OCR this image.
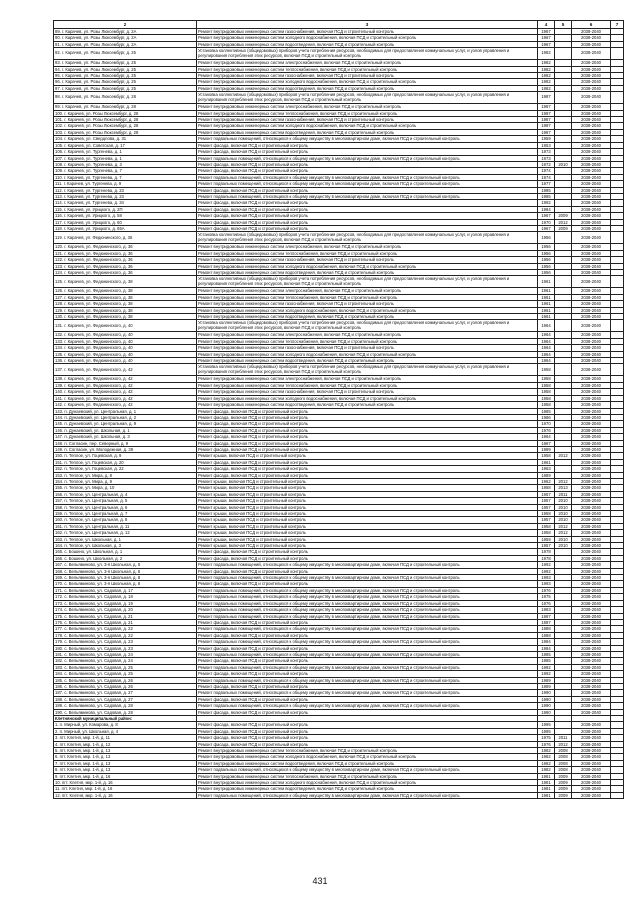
2	3	4	5	6	7
89. г. Карачев, ул. Розы Люксембург, д. 2А	Ремонт внутридомовых инженерных систем газоснабжения, включая ПСД и строительный контроль	1967		2038-2040	
90. г. Карачев, ул. Розы Люксембург, д. 2А	Ремонт внутридомовых инженерных систем холодного водоснабжения, включая ПСД и строительный контроль	1967		2038-2040	
91. г. Карачев, ул. Розы Люксембург, д. 2А	Ремонт внутридомовых инженерных систем водоотведения, включая ПСД и строительный контроль	1967		2038-2040	
92. г. Карачев, ул. Розы Люксембург, д. 25	Установка коллективных (общедомовых) приборов учета потребления ресурсов, необходимых для предоставления коммунальных услуг, и узлов управления и регулирования потребления этих ресурсов, включая ПСД и строительный контроль	1982		2038-2040	
93. г. Карачев, ул. Розы Люксембург, д. 25	Ремонт внутридомовых инженерных систем электроснабжения, включая ПСД и строительный контроль	1982		2038-2040	
94. г. Карачев, ул. Розы Люксембург, д. 25	Ремонт внутридомовых инженерных систем теплоснабжения, включая ПСД и строительный контроль	1982		2038-2040	
95. г. Карачев, ул. Розы Люксембург, д. 25	Ремонт внутридомовых инженерных систем газоснабжения, включая ПСД и строительный контроль	1982		2038-2040	
96. г. Карачев, ул. Розы Люксембург, д. 25	Ремонт внутридомовых инженерных систем холодного водоснабжения, включая ПСД и строительный контроль	1982		2038-2040	
97. г. Карачев, ул. Розы Люксембург, д. 25	Ремонт внутридомовых инженерных систем водоотведения, включая ПСД и строительный контроль	1982		2038-2040	
98. г. Карачев, ул. Розы Люксембург, д. 28	Установка коллективных (общедомовых) приборов учета потребления ресурсов, необходимых для предоставления коммунальных услуг, и узлов управления и регулирования потребления этих ресурсов, включая ПСД и строительный контроль	1987		2038-2040	
99. г. Карачев, ул. Розы Люксембург, д. 28	Ремонт внутридомовых инженерных систем электроснабжения, включая ПСД и строительный контроль	1987		2038-2040	
100. г. Карачев, ул. Розы Люксембург, д. 28	Ремонт внутридомовых инженерных систем теплоснабжения, включая ПСД и строительный контроль	1987		2038-2040	
101. г. Карачев, ул. Розы Люксембург, д. 28	Ремонт внутридомовых инженерных систем газоснабжения, включая ПСД и строительный контроль	1987		2038-2040	
102. г. Карачев, ул. Розы Люксембург, д. 28	Ремонт внутридомовых инженерных систем холодного водоснабжения, включая ПСД и строительный контроль	1987		2038-2040	
103. г. Карачев, ул. Розы Люксембург, д. 28	Ремонт внутридомовых инженерных систем водоотведения, включая ПСД и строительный контроль	1987		2038-2040	
104. г. Карачев, ул. Свердлова, д. 31	Ремонт подвальных помещений, относящихся к общему имуществу в многоквартирном доме, включая ПСД и строительный контроль	1959		2038-2040	
105. г. Карачев, ул. Советская, д. 17	Ремонт фасада, включая ПСД и строительный контроль	1953		2038-2040	
106. г. Карачев, ул. Тургенева, д. 1	Ремонт фасада, включая ПСД и строительный контроль	1973		2038-2040	
107. г. Карачев, ул. Тургенева, д. 1	Ремонт подвальных помещений, относящихся к общему имуществу в многоквартирном доме, включая ПСД и строительный контроль	1973		2038-2040	
108. г. Карачев, ул. Тургенева, д. 3	Ремонт фасада, включая ПСД и строительный контроль	1972	2010	2038-2040	
109. г. Карачев, ул. Тургенева, д. 7	Ремонт фасада, включая ПСД и строительный контроль	1974		2038-2040	
110. г. Карачев, ул. Тургенева, д. 7	Ремонт подвальных помещений, относящихся к общему имуществу в многоквартирном доме, включая ПСД и строительный контроль	1974		2038-2040	
111. г. Карачев, ул. Тургенева, д. 9	Ремонт подвальных помещений, относящихся к общему имуществу в многоквартирном доме, включая ПСД и строительный контроль	1977		2038-2040	
112. г. Карачев, ул. Тургенева, д. 23	Ремонт фасада, включая ПСД и строительный контроль	1985		2038-2040	
113. г. Карачев, ул. Тургенева, д. 23	Ремонт подвальных помещений, относящихся к общему имуществу в многоквартирном доме, включая ПСД и строительный контроль	1985		2038-2040	
114. г. Карачев, ул. Тургенева, д. 34	Ремонт фасада, включая ПСД и строительный контроль	1992		2038-2040	
115. г. Карачев, ул. Урицкого, д. 2П	Ремонт фасада, включая ПСД и строительный контроль	1984		2038-2040	
116. г. Карачев, ул. Урицкого, д. 58	Ремонт фасада, включая ПСД и строительный контроль	1967	2009	2038-2040	
117. г. Карачев, ул. Урицкого, д. 60	Ремонт фасада, включая ПСД и строительный контроль	1970	2012	2038-2040	
118. г. Карачев, ул. Урицкого, д. 65А	Ремонт фасада, включая ПСД и строительный контроль	1967	2009	2038-2040	
119. г. Карачев, ул. Федюнинского, д. 36	Установка коллективных (общедомовых) приборов учета потребления ресурсов, необходимых для предоставления коммунальных услуг, и узлов управления и регулирования потребления этих ресурсов, включая ПСД и строительный контроль	1956		2038-2040	
120. г. Карачев, ул. Федюнинского, д. 36	Ремонт внутридомовых инженерных систем электроснабжения, включая ПСД и строительный контроль	1956		2038-2040	
121. г. Карачев, ул. Федюнинского, д. 36	Ремонт внутридомовых инженерных систем теплоснабжения, включая ПСД и строительный контроль	1956		2038-2040	
122. г. Карачев, ул. Федюнинского, д. 36	Ремонт внутридомовых инженерных систем газоснабжения, включая ПСД и строительный контроль	1956		2038-2040	
123. г. Карачев, ул. Федюнинского, д. 36	Ремонт внутридомовых инженерных систем холодного водоснабжения, включая ПСД и строительный контроль	1956		2038-2040	
124. г. Карачев, ул. Федюнинского, д. 36	Ремонт внутридомовых инженерных систем водоотведения, включая ПСД и строительный контроль	1956		2038-2040	
125. г. Карачев, ул. Федюнинского, д. 38	Установка коллективных (общедомовых) приборов учета потребления ресурсов, необходимых для предоставления коммунальных услуг, и узлов управления и регулирования потребления этих ресурсов, включая ПСД и строительный контроль	1961		2038-2040	
126. г. Карачев, ул. Федюнинского, д. 38	Ремонт внутридомовых инженерных систем электроснабжения, включая ПСД и строительный контроль	1961		2038-2040	
127. г. Карачев, ул. Федюнинского, д. 38	Ремонт внутридомовых инженерных систем теплоснабжения, включая ПСД и строительный контроль	1961		2038-2040	
128. г. Карачев, ул. Федюнинского, д. 38	Ремонт внутридомовых инженерных систем газоснабжения, включая ПСД и строительный контроль	1961		2038-2040	
129. г. Карачев, ул. Федюнинского, д. 38	Ремонт внутридомовых инженерных систем холодного водоснабжения, включая ПСД и строительный контроль	1961		2038-2040	
130. г. Карачев, ул. Федюнинского, д. 38	Ремонт внутридомовых инженерных систем водоотведения, включая ПСД и строительный контроль	1961		2038-2040	
131. г. Карачев, ул. Федюнинского, д. 40	Установка коллективных (общедомовых) приборов учета потребления ресурсов, необходимых для предоставления коммунальных услуг, и узлов управления и регулирования потребления этих ресурсов, включая ПСД и строительный контроль	1964		2038-2040	
132. г. Карачев, ул. Федюнинского, д. 40	Ремонт внутридомовых инженерных систем электроснабжения, включая ПСД и строительный контроль	1964		2038-2040	
133. г. Карачев, ул. Федюнинского, д. 40	Ремонт внутридомовых инженерных систем теплоснабжения, включая ПСД и строительный контроль	1964		2038-2040	
134. г. Карачев, ул. Федюнинского, д. 40	Ремонт внутридомовых инженерных систем газоснабжения, включая ПСД и строительный контроль	1964		2038-2040	
135. г. Карачев, ул. Федюнинского, д. 40	Ремонт внутридомовых инженерных систем холодного водоснабжения, включая ПСД и строительный контроль	1964		2038-2040	
136. г. Карачев, ул. Федюнинского, д. 40	Ремонт внутридомовых инженерных систем водоотведения, включая ПСД и строительный контроль	1964		2038-2040	
137. г. Карачев, ул. Федюнинского, д. 42	Установка коллективных (общедомовых) приборов учета потребления ресурсов, необходимых для предоставления коммунальных услуг, и узлов управления и регулирования потребления этих ресурсов, включая ПСД и строительный контроль	1958		2038-2040	
138. г. Карачев, ул. Федюнинского, д. 42	Ремонт внутридомовых инженерных систем электроснабжения, включая ПСД и строительный контроль	1958		2038-2040	
139. г. Карачев, ул. Федюнинского, д. 42	Ремонт внутридомовых инженерных систем теплоснабжения, включая ПСД и строительный контроль	1958		2038-2040	
140. г. Карачев, ул. Федюнинского, д. 42	Ремонт внутридомовых инженерных систем газоснабжения, включая ПСД и строительный контроль	1958		2038-2040	
141. г. Карачев, ул. Федюнинского, д. 42	Ремонт внутридомовых инженерных систем холодного водоснабжения, включая ПСД и строительный контроль	1958		2038-2040	
142. г. Карачев, ул. Федюнинского, д. 42	Ремонт внутридомовых инженерных систем водоотведения, включая ПСД и строительный контроль	1958		2038-2040	
143. п. Дунаевский, ул. Центральная, д. 1	Ремонт фасада, включая ПСД и строительный контроль	1985		2038-2040	
144. п. Дунаевский, ул. Центральная, д. 2	Ремонт фасада, включая ПСД и строительный контроль	1986		2038-2040	
145. п. Дунаевский, ул. Центральная, д. 9	Ремонт фасада, включая ПСД и строительный контроль	1970		2038-2040	
146. п. Дунаевский, ул. Школьная, д. 1	Ремонт фасада, включая ПСД и строительный контроль	1976		2038-2040	
147. п. Дунаевский, ул. Школьная, д. 3	Ремонт фасада, включая ПСД и строительный контроль	1964		2038-2040	
148. п. Согласие, пер. Северный, д. 9	Ремонт фасада, включая ПСД и строительный контроль	1967		2038-2040	
149. п. Согласие, ул. Молодежная, д. 39	Ремонт фасада, включая ПСД и строительный контроль	1989		2038-2040	
150. п. Теплое, ул. Гоцевская, д. 9	Ремонт крыши, включая ПСД и строительный контроль	1958	2012	2038-2040	
151. п. Теплое, ул. Гоцевская, д. 20	Ремонт фасада, включая ПСД и строительный контроль	1961		2038-2040	
152. п. Теплое, ул. Гоцевская, д. 22	Ремонт фасада, включая ПСД и строительный контроль	1963		2038-2040	
153. п. Теплое, ул. Мира, д. 8	Ремонт фасада, включая ПСД и строительный контроль	1989		2038-2040	
154. п. Теплое, ул. Мира, д. 9	Ремонт крыши, включая ПСД и строительный контроль	1962	2012	2038-2040	
155. п. Теплое, ул. Мира, д. 10	Ремонт крыши, включая ПСД и строительный контроль	1958	2013	2038-2040	
156. п. Теплое, ул. Центральная, д. 4	Ремонт крыши, включая ПСД и строительный контроль	1957	2011	2038-2040	
157. п. Теплое, ул. Центральная, д. 5	Ремонт крыши, включая ПСД и строительный контроль	1957	2010	2038-2040	
158. п. Теплое, ул. Центральная, д. 6	Ремонт крыши, включая ПСД и строительный контроль	1957	2010	2038-2040	
159. п. Теплое, ул. Центральная, д. 7	Ремонт крыши, включая ПСД и строительный контроль	1958	2010	2038-2040	
160. п. Теплое, ул. Центральная, д. 8	Ремонт крыши, включая ПСД и строительный контроль	1957	2010	2038-2040	
161. п. Теплое, ул. Центральная, д. 11	Ремонт крыши, включая ПСД и строительный контроль	1958	2012	2038-2040	
162. п. Теплое, ул. Центральная, д. 12	Ремонт крыши, включая ПСД и строительный контроль	1958	2012	2038-2040	
163. п. Теплое, ул. Школьная, д. 1	Ремонт крыши, включая ПСД и строительный контроль	1959	2010	2038-2040	
164. п. Теплое, ул. Школьная, д. 3	Ремонт крыши, включая ПСД и строительный контроль	1957	2010	2038-2040	
165. с. Бошино, ул. Школьная, д. 1	Ремонт фасада, включая ПСД и строительный контроль	1978		2038-2040	
166. с. Бошино, ул. Школьная, д. 2	Ремонт фасада, включая ПСД и строительный контроль	1978		2038-2040	
167. с. Вельяминово, ул. 3-я Школьная, д. 6	Ремонт подвальных помещений, относящихся к общему имуществу в многоквартирном доме, включая ПСД и строительный контроль	1992		2038-2040	
168. с. Вельяминово, ул. 3-я Школьная, д. 6	Ремонт фасада, включая ПСД и строительный контроль	1992		2038-2040	
169. с. Вельяминово, ул. 3-я Школьная, д. 8	Ремонт подвальных помещений, относящихся к общему имуществу в многоквартирном доме, включая ПСД и строительный контроль	1993		2038-2040	
170. с. Вельяминово, ул. 3-я Школьная, д. 8	Ремонт фасада, включая ПСД и строительный контроль	1993		2038-2040	
171. с. Вельяминово, ул. Садовая, д. 17	Ремонт подвальных помещений, относящихся к общему имуществу в многоквартирном доме, включая ПСД и строительный контроль	1976		2038-2040	
172. с. Вельяминово, ул. Садовая, д. 18	Ремонт подвальных помещений, относящихся к общему имуществу в многоквартирном доме, включая ПСД и строительный контроль	1975		2038-2040	
173. с. Вельяминово, ул. Садовая, д. 19	Ремонт подвальных помещений, относящихся к общему имуществу в многоквартирном доме, включая ПСД и строительный контроль	1976		2038-2040	
174. с. Вельяминово, ул. Садовая, д. 20	Ремонт подвальных помещений, относящихся к общему имуществу в многоквартирном доме, включая ПСД и строительный контроль	1983		2038-2040	
175. с. Вельяминово, ул. Садовая, д. 21	Ремонт подвальных помещений, относящихся к общему имуществу в многоквартирном доме, включая ПСД и строительный контроль	1987		2038-2040	
176. с. Вельяминово, ул. Садовая, д. 21	Ремонт фасада, включая ПСД и строительный контроль	1987		2038-2040	
177. с. Вельяминово, ул. Садовая, д. 22	Ремонт подвальных помещений, относящихся к общему имуществу в многоквартирном доме, включая ПСД и строительный контроль	1988		2038-2040	
178. с. Вельяминово, ул. Садовая, д. 22	Ремонт фасада, включая ПСД и строительный контроль	1988		2038-2040	
179. с. Вельяминово, ул. Садовая, д. 23	Ремонт подвальных помещений, относящихся к общему имуществу в многоквартирном доме, включая ПСД и строительный контроль	1984		2038-2040	
180. с. Вельяминово, ул. Садовая, д. 23	Ремонт фасада, включая ПСД и строительный контроль	1984		2038-2040	
181. с. Вельяминово, ул. Садовая, д. 24	Ремонт подвальных помещений, относящихся к общему имуществу в многоквартирном доме, включая ПСД и строительный контроль	1985		2038-2040	
182. с. Вельяминово, ул. Садовая, д. 24	Ремонт фасада, включая ПСД и строительный контроль	1985		2038-2040	
183. с. Вельяминово, ул. Садовая, д. 25	Ремонт подвальных помещений, относящихся к общему имуществу в многоквартирном доме, включая ПСД и строительный контроль	1992		2038-2040	
184. с. Вельяминово, ул. Садовая, д. 25	Ремонт фасада, включая ПСД и строительный контроль	1992		2038-2040	
185. с. Вельяминово, ул. Садовая, д. 26	Ремонт подвальных помещений, относящихся к общему имуществу в многоквартирном доме, включая ПСД и строительный контроль	1989		2038-2040	
186. с. Вельяминово, ул. Садовая, д. 26	Ремонт фасада, включая ПСД и строительный контроль	1989		2038-2040	
187. с. Вельяминово, ул. Садовая, д. 27	Ремонт подвальных помещений, относящихся к общему имуществу в многоквартирном доме, включая ПСД и строительный контроль	1990		2038-2040	
188. с. Вельяминово, ул. Садовая, д. 27	Ремонт фасада, включая ПСД и строительный контроль	1990		2038-2040	
189. с. Вельяминово, ул. Садовая, д. 28	Ремонт подвальных помещений, относящихся к общему имуществу в многоквартирном доме, включая ПСД и строительный контроль	1990		2038-2040	
190. с. Вельяминово, ул. Садовая, д. 28	Ремонт фасада, включая ПСД и строительный контроль	1990		2038-2040	
Клетнянский муниципальный район:					
1. п. Мирный, ул. Комарова, д. 8	Ремонт фасада, включая ПСД и строительный контроль	1995		2038-2040	
2. п. Мирный, ул. Школьная, д. 4	Ремонт фасада, включая ПСД и строительный контроль	1995		2038-2040	
3. пгт. Клетня, мкр. 1-й, д. 11	Ремонт фасада, включая ПСД и строительный контроль	1975	2011	2038-2040	
4. пгт. Клетня, мкр. 1-й, д. 12	Ремонт фасада, включая ПСД и строительный контроль	1976	2012	2038-2040	
5. пгт. Клетня, мкр. 1-й, д. 13	Ремонт внутридомовых инженерных систем теплоснабжения, включая ПСД и строительный контроль	1982	2008	2038-2040	
6. пгт. Клетня, мкр. 1-й, д. 13	Ремонт внутридомовых инженерных систем холодного водоснабжения, включая ПСД и строительный контроль	1982	2008	2038-2040	
7. пгт. Клетня, мкр. 1-й, д. 13	Ремонт внутридомовых инженерных систем водоотведения, включая ПСД и строительный контроль	1982	2008	2038-2040	
8. пгт. Клетня, мкр. 1-й, д. 13	Ремонт подвальных помещений, относящихся к общему имуществу в многоквартирном доме, включая ПСД и строительный контроль	1982	2008	2038-2040	
9. пгт. Клетня, мкр. 1-й, д. 16	Ремонт внутридомовых инженерных систем теплоснабжения, включая ПСД и строительный контроль	1981	2009	2038-2040	
10. пгт. Клетня, мкр. 1-й, д. 16	Ремонт внутридомовых инженерных систем холодного водоснабжения, включая ПСД и строительный контроль	1981	2009	2038-2040	
11. пгт. Клетня, мкр. 1-й, д. 16	Ремонт внутридомовых инженерных систем водоотведения, включая ПСД и строительный контроль	1981	2009	2038-2040	
12. пгт. Клетня, мкр. 1-й, д. 16	Ремонт подвальных помещений, относящихся к общему имуществу в многоквартирном доме, включая ПСД и строительный контроль	1981	2009	2038-2040	
431
